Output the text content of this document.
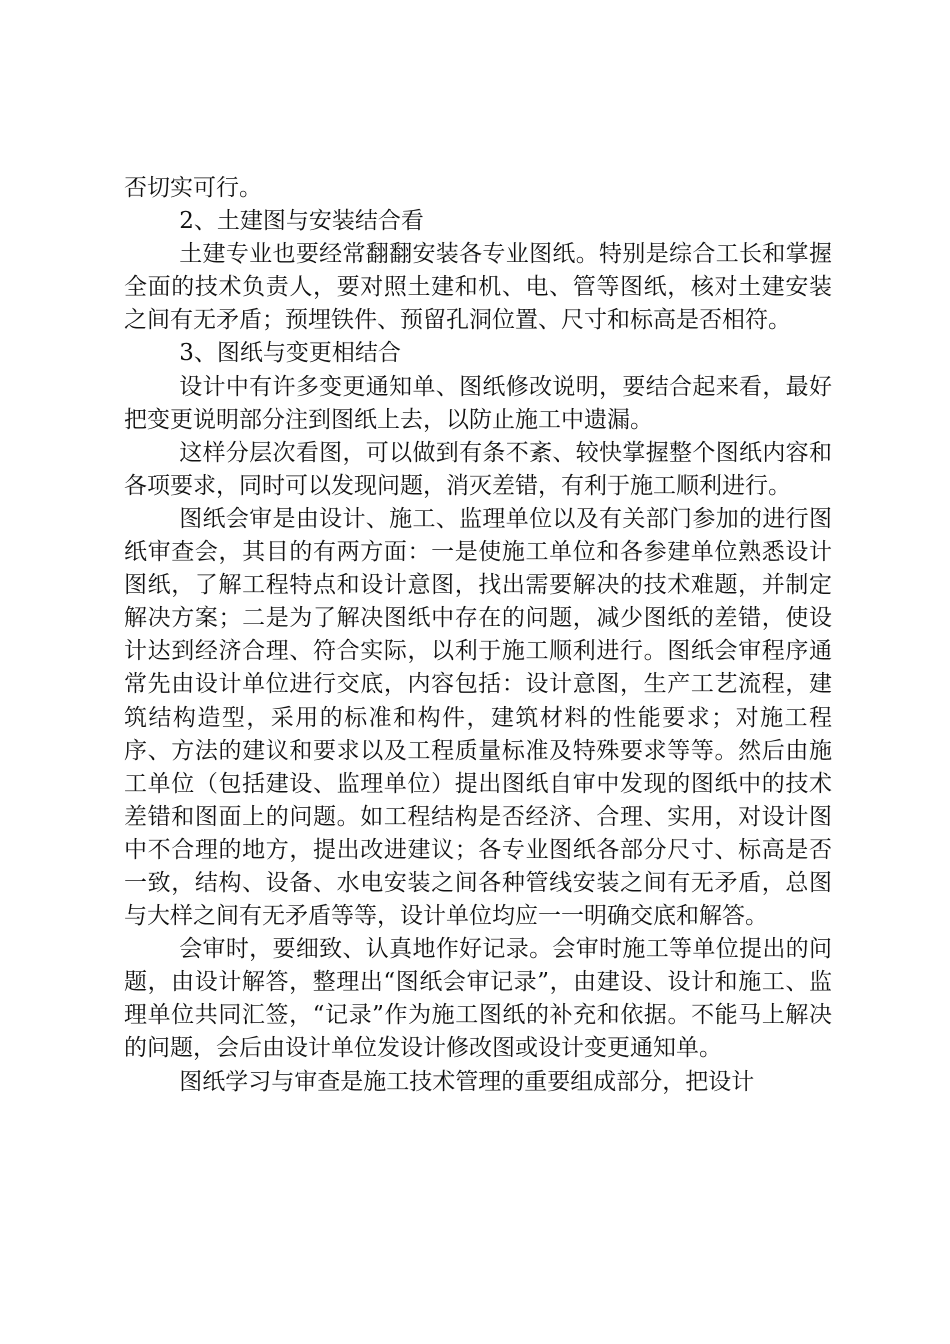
否切实可行。

2、土建图与安装结合看

土建专业也要经常翻翻安装各专业图纸。特别是综合工长和掌握全面的技术负责人，要对照土建和机、电、管等图纸，核对土建安装之间有无矛盾；预埋铁件、预留孔洞位置、尺寸和标高是否相符。

3、图纸与变更相结合

设计中有许多变更通知单、图纸修改说明，要结合起来看，最好把变更说明部分注到图纸上去，以防止施工中遗漏。

这样分层次看图，可以做到有条不紊、较快掌握整个图纸内容和各项要求，同时可以发现问题，消灭差错，有利于施工顺利进行。

图纸会审是由设计、施工、监理单位以及有关部门参加的进行图纸审查会，其目的有两方面：一是使施工单位和各参建单位熟悉设计图纸，了解工程特点和设计意图，找出需要解决的技术难题，并制定解决方案；二是为了解决图纸中存在的问题，减少图纸的差错，使设计达到经济合理、符合实际，以利于施工顺利进行。图纸会审程序通常先由设计单位进行交底，内容包括：设计意图，生产工艺流程，建筑结构造型，采用的标准和构件，建筑材料的性能要求；对施工程序、方法的建议和要求以及工程质量标准及特殊要求等等。然后由施工单位（包括建设、监理单位）提出图纸自审中发现的图纸中的技术差错和图面上的问题。如工程结构是否经济、合理、实用，对设计图中不合理的地方，提出改进建议；各专业图纸各部分尺寸、标高是否一致，结构、设备、水电安装之间各种管线安装之间有无矛盾，总图与大样之间有无矛盾等等，设计单位均应一一明确交底和解答。

会审时，要细致、认真地作好记录。会审时施工等单位提出的问题，由设计解答，整理出“图纸会审记录”，由建设、设计和施工、监理单位共同汇签，“记录”作为施工图纸的补充和依据。不能马上解决的问题，会后由设计单位发设计修改图或设计变更通知单。

图纸学习与审查是施工技术管理的重要组成部分，把设计
